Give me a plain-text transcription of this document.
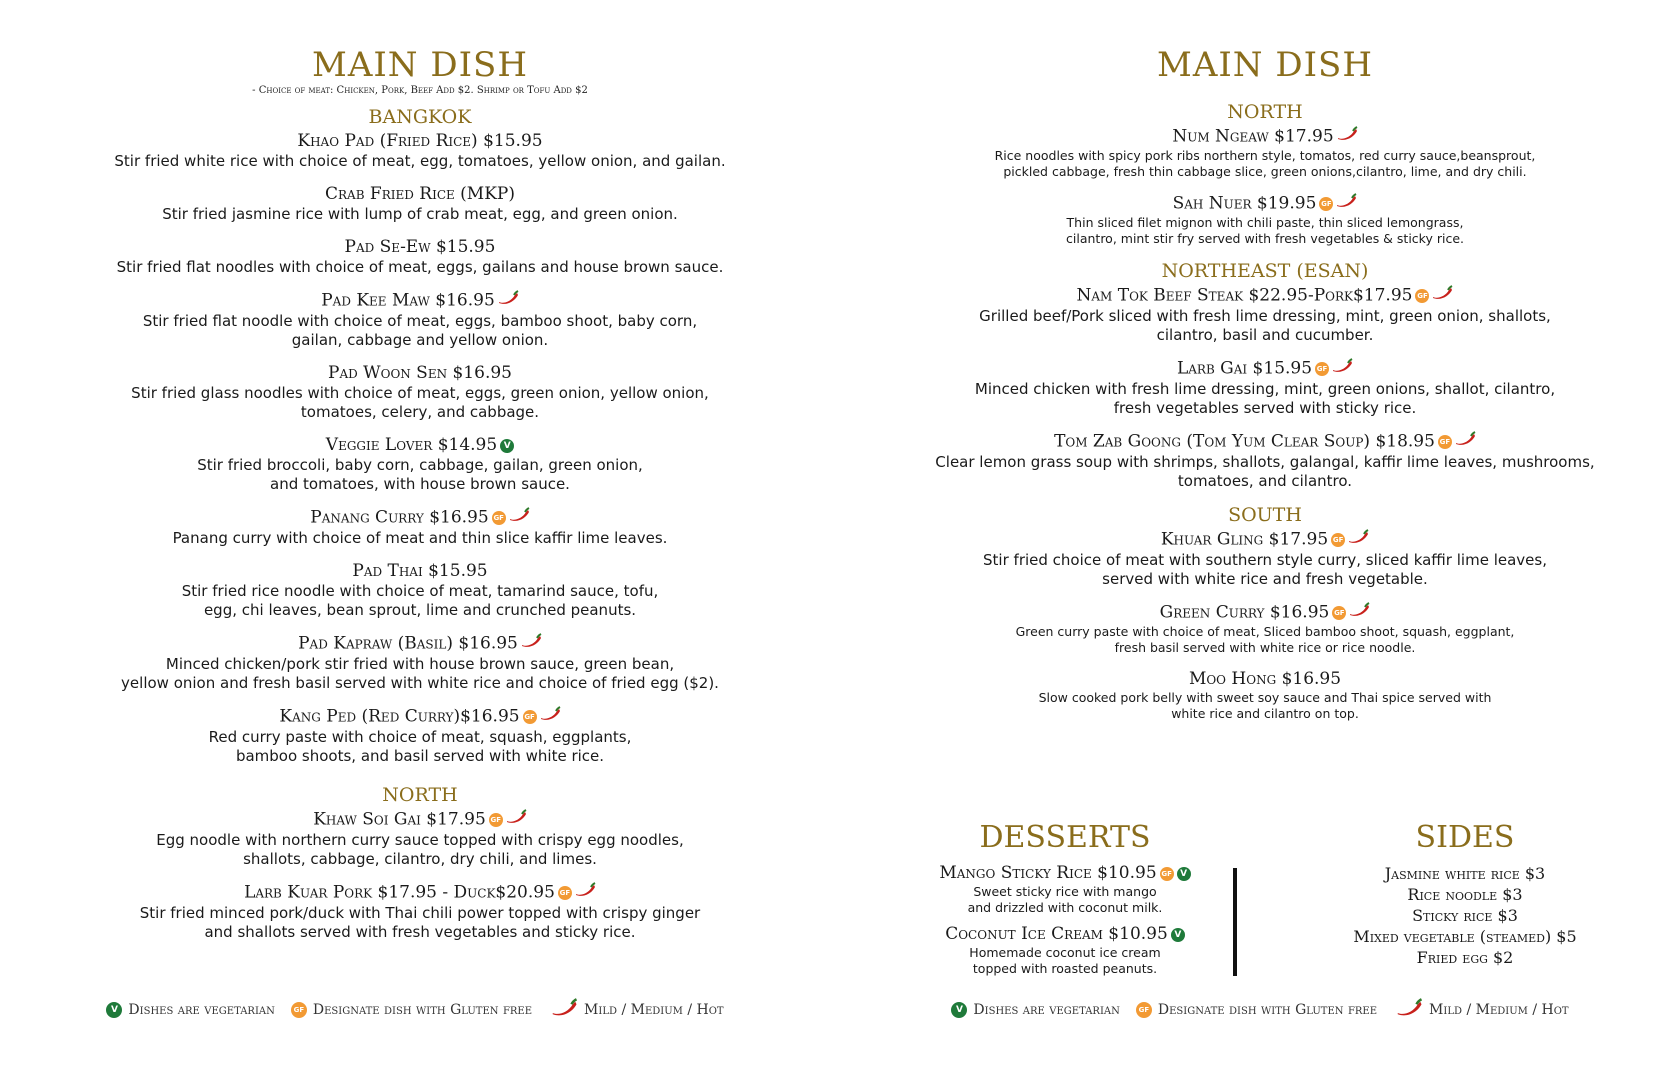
MAIN DISH
- Choice of meat: Chicken, Pork, Beef Add $2. Shrimp or Tofu Add $2
BANGKOK
Khao Pad (Fried Rice) $15.95
Stir fried white rice with choice of meat, egg, tomatoes, yellow onion, and gailan.
Crab Fried Rice (MKP)
Stir fried jasmine rice with lump of crab meat, egg, and green onion.
Pad Se-Ew $15.95
Stir fried flat noodles with choice of meat, eggs, gailans and house brown sauce.
Pad Kee Maw $16.95
Stir fried flat noodle with choice of meat, eggs, bamboo shoot, baby corn,
gailan, cabbage and yellow onion.
Pad Woon Sen $16.95
Stir fried glass noodles with choice of meat, eggs, green onion, yellow onion,
tomatoes, celery, and cabbage.
Veggie Lover $14.95 V
Stir fried broccoli, baby corn, cabbage, gailan, green onion,
and tomatoes, with house brown sauce.
Panang Curry $16.95 GF
Panang curry with choice of meat and thin slice kaffir lime leaves.
Pad Thai $15.95
Stir fried rice noodle with choice of meat, tamarind sauce, tofu,
egg, chi leaves, bean sprout, lime and crunched peanuts.
Pad Kapraw (Basil) $16.95
Minced chicken/pork stir fried with house brown sauce, green bean,
yellow onion and fresh basil served with white rice and choice of fried egg ($2).
Kang Ped (Red Curry)$16.95 GF
Red curry paste with choice of meat, squash, eggplants,
bamboo shoots, and basil served with white rice.
NORTH
Khaw Soi Gai $17.95 GF
Egg noodle with northern curry sauce topped with crispy egg noodles,
shallots, cabbage, cilantro, dry chili, and limes.
Larb Kuar Pork $17.95 - Duck$20.95 GF
Stir fried minced pork/duck with Thai chili power topped with crispy ginger
and shallots served with fresh vegetables and sticky rice.
V Dishes are vegetarian	GF Designate dish with Gluten free	Mild / Medium / Hot
MAIN DISH
NORTH
Num Ngeaw $17.95
Rice noodles with spicy pork ribs northern style, tomatos, red curry sauce,beansprout,
pickled cabbage, fresh thin cabbage slice, green onions,cilantro, lime, and dry chili.
Sah Nuer $19.95 GF
Thin sliced filet mignon with chili paste, thin sliced lemongrass,
cilantro, mint stir fry served with fresh vegetables & sticky rice.
NORTHEAST (ESAN)
Nam Tok Beef Steak $22.95-Pork$17.95 GF
Grilled beef/Pork sliced with fresh lime dressing, mint, green onion, shallots,
cilantro, basil and cucumber.
Larb Gai $15.95 GF
Minced chicken with fresh lime dressing, mint, green onions, shallot, cilantro,
fresh vegetables served with sticky rice.
Tom Zab Goong (Tom Yum Clear Soup) $18.95 GF
Clear lemon grass soup with shrimps, shallots, galangal, kaffir lime leaves, mushrooms,
tomatoes, and cilantro.
SOUTH
Khuar Gling $17.95 GF
Stir fried choice of meat with southern style curry, sliced kaffir lime leaves,
served with white rice and fresh vegetable.
Green Curry $16.95 GF
Green curry paste with choice of meat, Sliced bamboo shoot, squash, eggplant,
fresh basil served with white rice or rice noodle.
Moo Hong $16.95
Slow cooked pork belly with sweet soy sauce and Thai spice served with
white rice and cilantro on top.
DESSERTS
Mango Sticky Rice $10.95 GF V
Sweet sticky rice with mango
and drizzled with coconut milk.
Coconut Ice Cream $10.95 V
Homemade coconut ice cream
topped with roasted peanuts.
SIDES
Jasmine white rice $3
Rice noodle $3
Sticky rice $3
Mixed vegetable (steamed) $5
Fried egg $2
V Dishes are vegetarian	GF Designate dish with Gluten free	Mild / Medium / Hot
